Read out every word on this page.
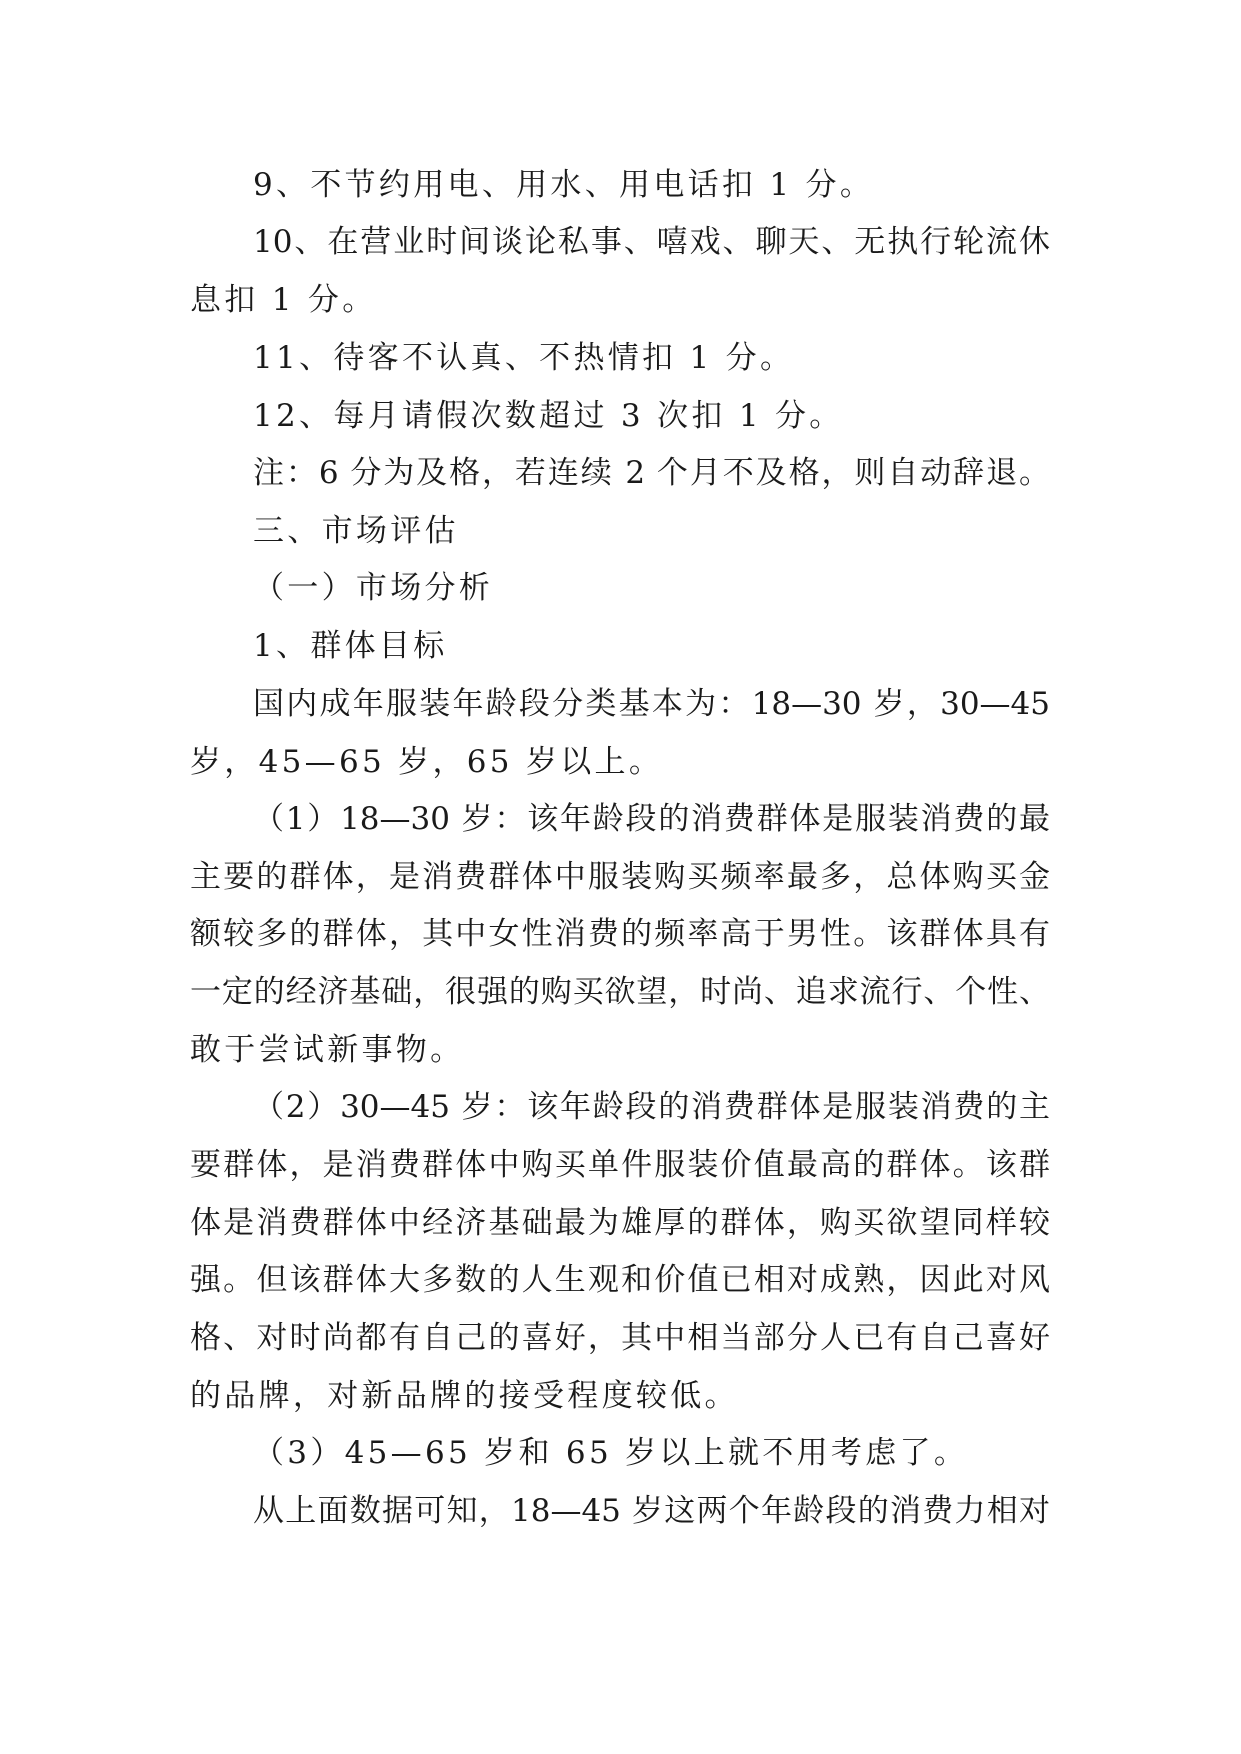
9、不节约用电、用水、用电话扣 1 分。
10、在营业时间谈论私事、嘻戏、聊天、无执行轮流休
息扣 1 分。
11、待客不认真、不热情扣 1 分。
12、每月请假次数超过 3 次扣 1 分。
注：6 分为及格，若连续 2 个月不及格，则自动辞退。
三、市场评估
（一）市场分析
1、群体目标
国内成年服装年龄段分类基本为：18—30 岁，30—45
岁，45—65 岁，65 岁以上。
（1）18—30 岁：该年龄段的消费群体是服装消费的最
主要的群体，是消费群体中服装购买频率最多，总体购买金
额较多的群体，其中女性消费的频率高于男性。该群体具有
一定的经济基础，很强的购买欲望，时尚、追求流行、个性、
敢于尝试新事物。
（2）30—45 岁：该年龄段的消费群体是服装消费的主
要群体，是消费群体中购买单件服装价值最高的群体。该群
体是消费群体中经济基础最为雄厚的群体，购买欲望同样较
强。但该群体大多数的人生观和价值已相对成熟，因此对风
格、对时尚都有自己的喜好，其中相当部分人已有自己喜好
的品牌，对新品牌的接受程度较低。
（3）45—65 岁和 65 岁以上就不用考虑了。
从上面数据可知，18—45 岁这两个年龄段的消费力相对
